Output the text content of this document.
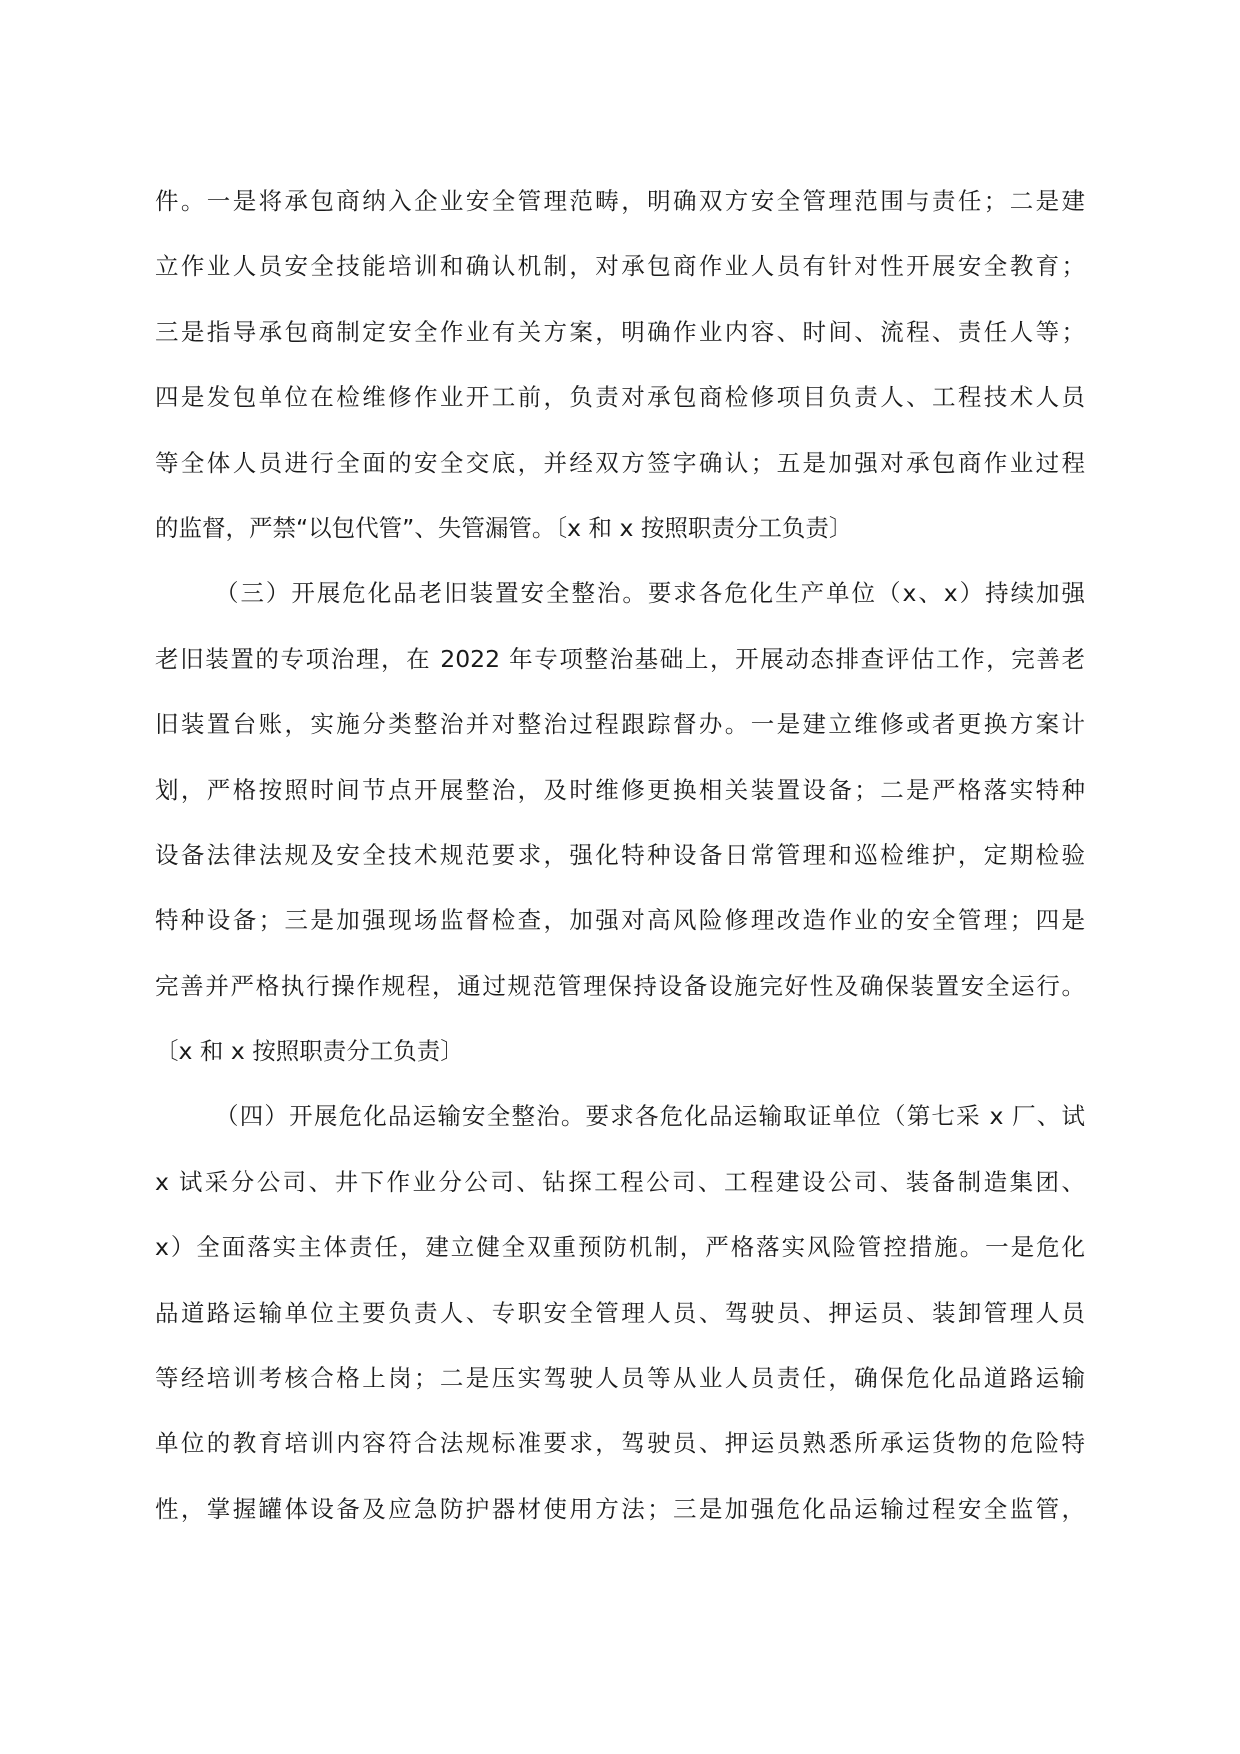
件。一是将承包商纳入企业安全管理范畴，明确双方安全管理范围与责任；二是建
立作业人员安全技能培训和确认机制，对承包商作业人员有针对性开展安全教育；
三是指导承包商制定安全作业有关方案，明确作业内容、时间、流程、责任人等；
四是发包单位在检维修作业开工前，负责对承包商检修项目负责人、工程技术人员
等全体人员进行全面的安全交底，并经双方签字确认；五是加强对承包商作业过程
的监督，严禁“以包代管”、失管漏管。〔x 和 x 按照职责分工负责〕
（三）开展危化品老旧装置安全整治。要求各危化生产单位（x、x）持续加强
老旧装置的专项治理，在 2022 年专项整治基础上，开展动态排查评估工作，完善老
旧装置台账，实施分类整治并对整治过程跟踪督办。一是建立维修或者更换方案计
划，严格按照时间节点开展整治，及时维修更换相关装置设备；二是严格落实特种
设备法律法规及安全技术规范要求，强化特种设备日常管理和巡检维护，定期检验
特种设备；三是加强现场监督检查，加强对高风险修理改造作业的安全管理；四是
完善并严格执行操作规程，通过规范管理保持设备设施完好性及确保装置安全运行。
〔x 和 x 按照职责分工负责〕
（四）开展危化品运输安全整治。要求各危化品运输取证单位（第七采 x 厂、试
x 试采分公司、井下作业分公司、钻探工程公司、工程建设公司、装备制造集团、
x）全面落实主体责任，建立健全双重预防机制，严格落实风险管控措施。一是危化
品道路运输单位主要负责人、专职安全管理人员、驾驶员、押运员、装卸管理人员
等经培训考核合格上岗；二是压实驾驶人员等从业人员责任，确保危化品道路运输
单位的教育培训内容符合法规标准要求，驾驶员、押运员熟悉所承运货物的危险特
性，掌握罐体设备及应急防护器材使用方法；三是加强危化品运输过程安全监管，
